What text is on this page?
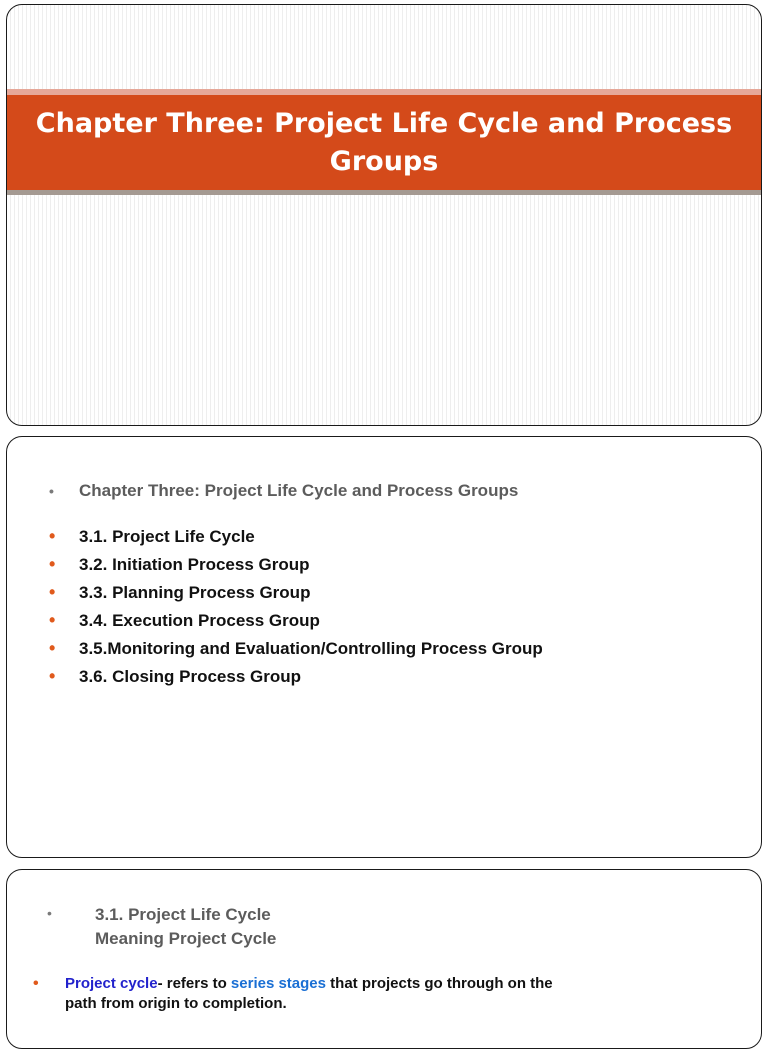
Chapter Three: Project Life Cycle and Process Groups
•	Chapter Three: Project Life Cycle and Process Groups
•	3.1. Project Life Cycle
•	3.2. Initiation Process Group
•	3.3. Planning Process Group
•	3.4. Execution Process Group
•	3.5.Monitoring and Evaluation/Controlling Process Group
•	3.6. Closing Process Group
•	3.1. Project Life Cycle
Meaning Project Cycle
•	Project cycle- refers to series stages that projects go through on the path from origin to completion.
